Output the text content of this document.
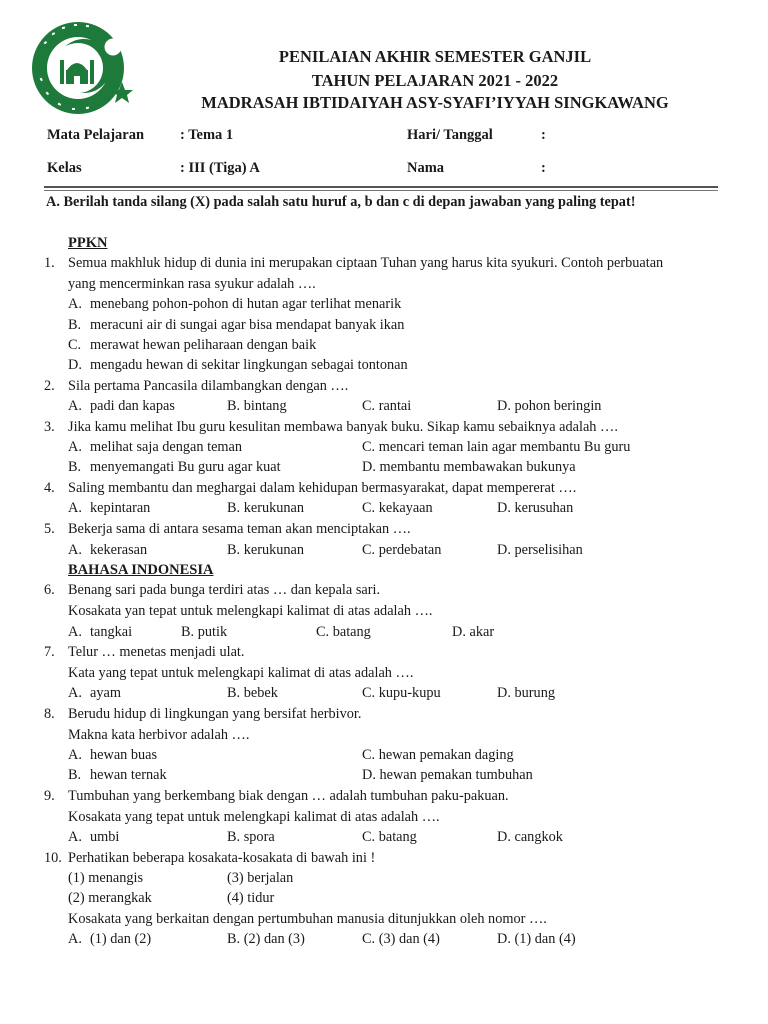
PENILAIAN AKHIR SEMESTER GANJIL
TAHUN PELAJARAN 2021 - 2022
MADRASAH IBTIDAIYAH ASY-SYAFI’IYYAH SINGKAWANG
Mata Pelajaran : Tema 1	Hari/ Tanggal	:
Kelas	: III (Tiga) A	Nama	:
A. Berilah tanda silang (X) pada salah satu huruf a, b dan c di depan jawaban yang paling tepat!
PPKN
1. Semua makhluk hidup di dunia ini merupakan ciptaan Tuhan yang harus kita syukuri. Contoh perbuatan
yang mencerminkan rasa syukur adalah ….
A. menebang pohon-pohon di hutan agar terlihat menarik
B. meracuni air di sungai agar bisa mendapat banyak ikan
C. merawat hewan peliharaan dengan baik
D. mengadu hewan di sekitar lingkungan sebagai tontonan
2. Sila pertama Pancasila dilambangkan dengan ….
A. padi dan kapas	B. bintang	C. rantai	D. pohon beringin
3. Jika kamu melihat Ibu guru kesulitan membawa banyak buku. Sikap kamu sebaiknya adalah ….
A. melihat saja dengan teman	C. mencari teman lain agar membantu Bu guru
B. menyemangati Bu guru agar kuat	D. membantu membawakan bukunya
4. Saling membantu dan meghargai dalam kehidupan bermasyarakat, dapat mempererat ….
A. kepintaran	B. kerukunan	C. kekayaan	D. kerusuhan
5. Bekerja sama di antara sesama teman akan menciptakan ….
A. kekerasan	B. kerukunan	C. perdebatan	D. perselisihan
BAHASA INDONESIA
6. Benang sari pada bunga terdiri atas … dan kepala sari.
Kosakata yan tepat untuk melengkapi kalimat di atas adalah ….
A. tangkai	B. putik	C. batang	D. akar
7. Telur … menetas menjadi ulat.
Kata yang tepat untuk melengkapi kalimat di atas adalah ….
A. ayam	B. bebek	C. kupu-kupu	D. burung
8. Berudu hidup di lingkungan yang bersifat herbivor.
Makna kata herbivor adalah ….
A. hewan buas	C. hewan pemakan daging
B. hewan ternak	D. hewan pemakan tumbuhan
9. Tumbuhan yang berkembang biak dengan … adalah tumbuhan paku-pakuan.
Kosakata yang tepat untuk melengkapi kalimat di atas adalah ….
A. umbi	B. spora	C. batang	D. cangkok
10. Perhatikan beberapa kosakata-kosakata di bawah ini !
(1) menangis	(3) berjalan
(2) merangkak	(4) tidur
Kosakata yang berkaitan dengan pertumbuhan manusia ditunjukkan oleh nomor ….
A. (1) dan (2)	B. (2) dan (3)	C. (3) dan (4)	D. (1) dan (4)
